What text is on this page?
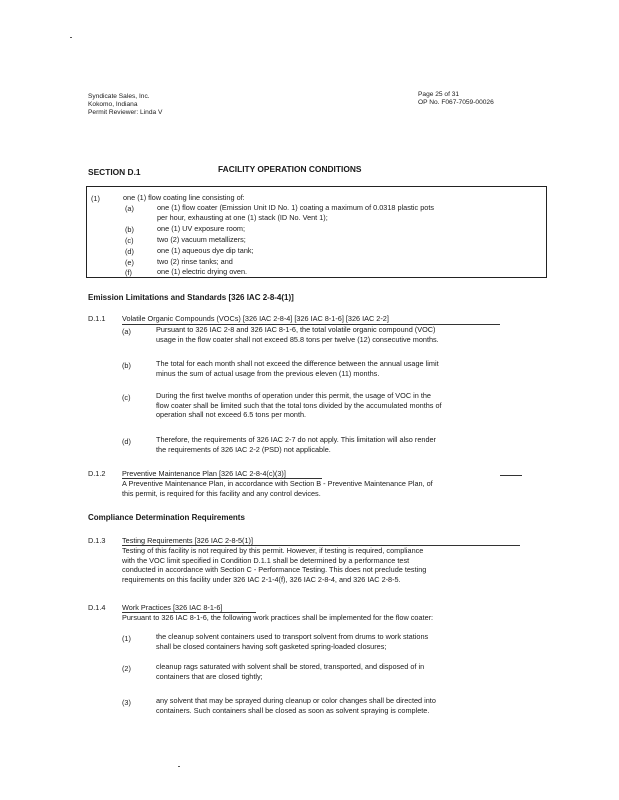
Syndicate Sales, Inc.
Kokomo, Indiana
Permit Reviewer: Linda V
Page 25 of 31
OP No. F067-7059-00026
SECTION D.1	FACILITY OPERATION CONDITIONS
(1)	one (1) flow coating line consisting of:
(a)	one (1) flow coater (Emission Unit ID No. 1) coating a maximum of 0.0318 plastic pots
per hour, exhausting at one (1) stack (ID No. Vent 1);
(b)	one (1) UV exposure room;
(c)	two (2) vacuum metallizers;
(d)	one (1) aqueous dye dip tank;
(e)	two (2) rinse tanks; and
(f)	one (1) electric drying oven.
Emission Limitations and Standards [326 IAC 2-8-4(1)]
D.1.1 Volatile Organic Compounds (VOCs) [326 IAC 2-8-4] [326 IAC 8-1-6] [326 IAC 2-2]
(a)	Pursuant to 326 IAC 2-8 and 326 IAC 8-1-6, the total volatile organic compound (VOC)
usage in the flow coater shall not exceed 85.8 tons per twelve (12) consecutive months.
(b)	The total for each month shall not exceed the difference between the annual usage limit
minus the sum of actual usage from the previous eleven (11) months.
(c)	During the first twelve months of operation under this permit, the usage of VOC in the
flow coater shall be limited such that the total tons divided by the accumulated months of
operation shall not exceed 6.5 tons per month.
(d)	Therefore, the requirements of 326 IAC 2-7 do not apply. This limitation will also render
the requirements of 326 IAC 2-2 (PSD) not applicable.
D.1.2 Preventive Maintenance Plan [326 IAC 2-8-4(c)(3)]
A Preventive Maintenance Plan, in accordance with Section B - Preventive Maintenance Plan, of
this permit, is required for this facility and any control devices.
Compliance Determination Requirements
D.1.3 Testing Requirements [326 IAC 2-8-5(1)]
Testing of this facility is not required by this permit. However, if testing is required, compliance
with the VOC limit specified in Condition D.1.1 shall be determined by a performance test
conducted in accordance with Section C - Performance Testing. This does not preclude testing
requirements on this facility under 326 IAC 2-1-4(f), 326 IAC 2-8-4, and 326 IAC 2-8-5.
D.1.4 Work Practices [326 IAC 8-1-6]
Pursuant to 326 IAC 8-1-6, the following work practices shall be implemented for the flow coater:
(1)	the cleanup solvent containers used to transport solvent from drums to work stations
shall be closed containers having soft gasketed spring-loaded closures;
(2)	cleanup rags saturated with solvent shall be stored, transported, and disposed of in
containers that are closed tightly;
(3)	any solvent that may be sprayed during cleanup or color changes shall be directed into
containers. Such containers shall be closed as soon as solvent spraying is complete.
